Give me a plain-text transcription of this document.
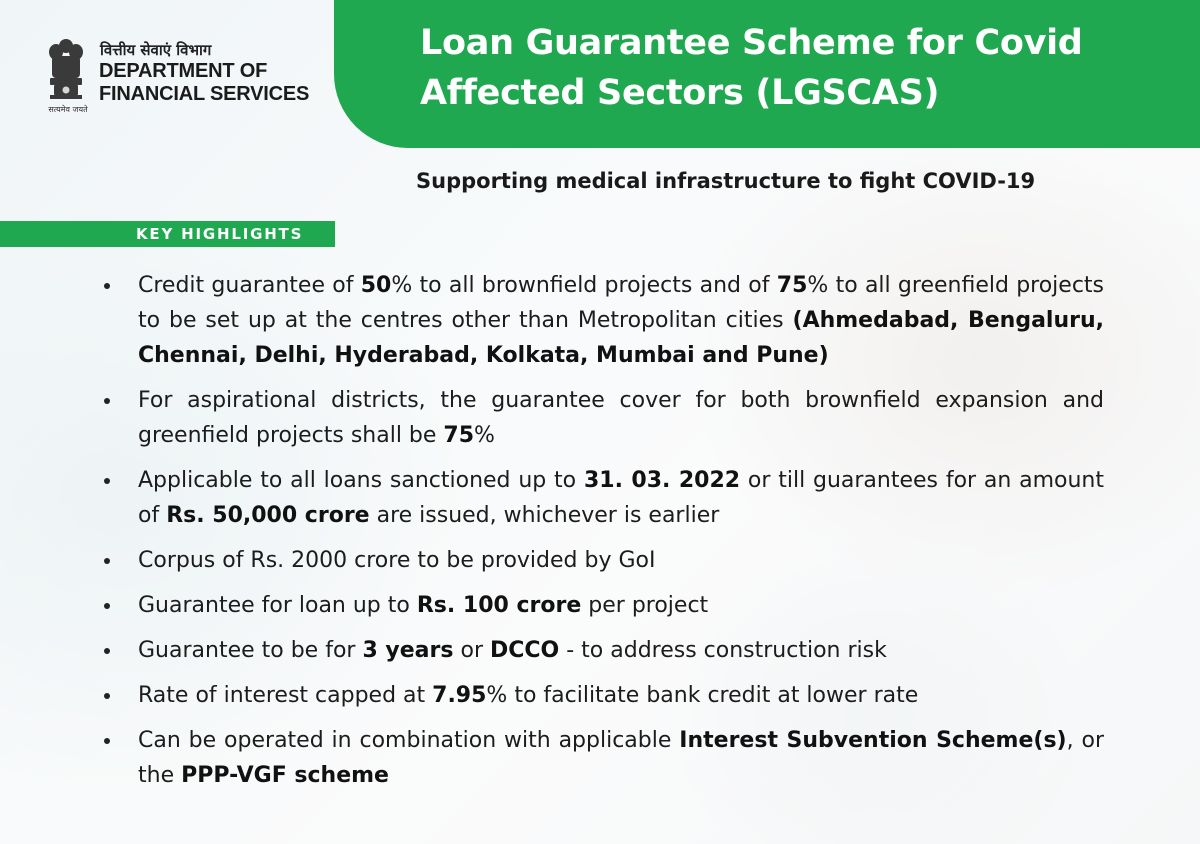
सत्यमेव जयते
वित्तीय सेवाएं विभाग
DEPARTMENT OF
FINANCIAL SERVICES
Loan Guarantee Scheme for Covid
Affected Sectors (LGSCAS)
Supporting medical infrastructure to fight COVID-19
KEY HIGHLIGHTS
Credit guarantee of 50% to all brownfield projects and of 75% to all greenfield projects to be set up at the centres other than Metropolitan cities (Ahmedabad, Bengaluru, Chennai, Delhi, Hyderabad, Kolkata, Mumbai and Pune)
For aspirational districts, the guarantee cover for both brownfield expansion and greenfield projects shall be 75%
Applicable to all loans sanctioned up to 31. 03. 2022 or till guarantees for an amount of Rs. 50,000 crore are issued, whichever is earlier
Corpus of Rs. 2000 crore to be provided by GoI
Guarantee for loan up to Rs. 100 crore per project
Guarantee to be for 3 years or DCCO - to address construction risk
Rate of interest capped at 7.95% to facilitate bank credit at lower rate
Can be operated in combination with applicable Interest Subvention Scheme(s), or the PPP-VGF scheme
